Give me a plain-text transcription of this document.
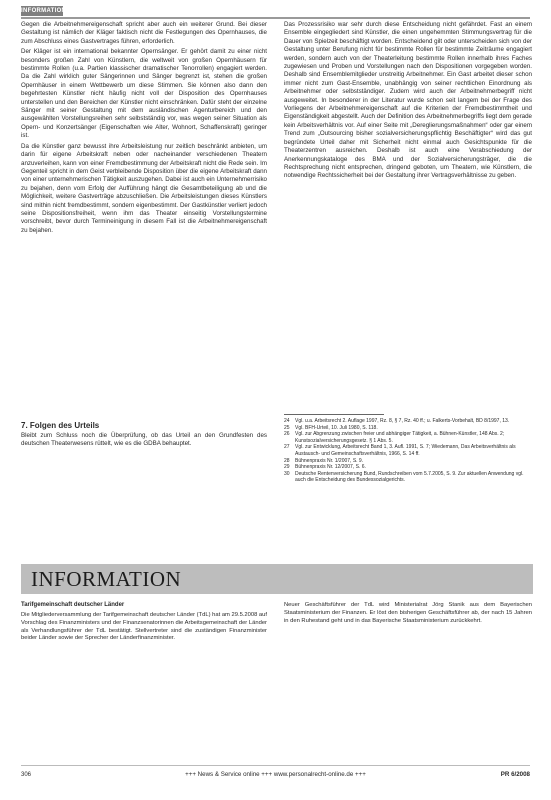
INFORMATION

Gegen die Arbeitnehmereigenschaft spricht aber auch ein weiterer Grund. Bei dieser Gestaltung ist nämlich der Kläger faktisch nicht die Festlegungen des Opernhauses, die zum Abschluss eines Gastvertrages führen, erforderlich.

Der Kläger ist ein international bekannter Opernsänger. Er gehört damit zu einer nicht besonders großen Zahl von Künstlern, die weltweit von großen Opernhäusern für bestimmte Rollen (u.a. Partien klassischer dramatischer Tenorrollen) engagiert werden. Da die Zahl wirklich guter Sängerinnen und Sänger begrenzt ist, stehen die großen Opernhäuser in einem Wettbewerb um diese Stimmen. Sie können also dann den begehrtesten Künstler nicht häufig nicht voll der Disposition des Opernhauses unterstellen und den Bereichen der Künstler nicht einschränken. Dafür steht der einzelne Sänger mit seiner Gestaltung mit dem ausländischen Agenturbereich und den ausgewählten Vorstellungsreihen sehr selbstständig vor, was wegen seiner Situation als Opern- und Konzertsänger (Eigenschaften wie Alter, Wohnort, Schaffenskraft) geringer ist.

Da die Künstler ganz bewusst ihre Arbeitsleistung nur zeitlich beschränkt anbieten, um darin für eigene Arbeitskraft neben oder nacheinander verschiedenen Theatern anzuverleihen, kann von einer Fremdbestimmung der Arbeitskraft nicht die Rede sein. Im Gegenteil spricht in dem Geist verbleibende Disposition über die eigene Arbeitskraft dann von einer unternehmerischen Tätigkeit auszugehen. Dabei ist auch ein Unternehmerrisiko zu bejahen, denn vom Erfolg der Aufführung hängt die Gesamtbeteiligung ab und die Möglichkeit, weitere Gastverträge abzuschließen. Die Arbeitsleistungen dieses Künstlers sind mithin nicht fremdbestimmt, sondern eigenbestimmt. Der Gastkünstler verliert jedoch seine Dispositionsfreiheit, wenn ihm das Theater einseitig Vorstellungstermine vorschreibt, bevor durch Termineinigung in diesem Fall ist die Arbeitnehmereigenschaft zu bejahen.

7. Folgen des Urteils
Bleibt zum Schluss noch die Überprüfung, ob das Urteil an den Grundfesten des deutschen Theaterwesens rüttelt, wie es die GDBA behauptet.

Das Prozessrisiko war sehr durch diese Entscheidung nicht gefährdet. Fast an einem Ensemble eingegliedert sind Künstler, die einen ungehemmten Stimmungsvertrag für die Dauer von Spielzeit beschäftigt worden. Entscheidend gilt oder unterscheiden sich von der Gestaltung unter Berufung nicht für bestimmte Rollen für bestimmte Zeiträume engagiert werden, sondern auch von der Theaterleitung bestimmte Rollen innerhalb ihres Faches zugewiesen und Proben und Vorstellungen nach den Dispositionen vorgegeben worden. Deshalb sind Ensemblemitglieder unstreitig Arbeitnehmer. Ein Gast arbeitet dieser schon immer nicht zum Gast-Ensemble, unabhängig von seiner rechtlichen Einordnung als Arbeitnehmer oder selbstständiger. Zudem wird auch der Arbeitnehmerbegriff nicht ausgeweitet. In besonderer in der Literatur wurde schon seit langem bei der Frage des Vorliegens der Arbeitnehmereigenschaft auf die Kriterien der Fremdbestimmtheit und Eigenständigkeit abgestellt. Auch der Definition des Arbeitnehmerbegriffs liegt dem gerade kein Arbeitsverhältnis vor. Auf einer Seite mit „Dereglierungsmaßnahmen“ oder gar einem Trend zum „Outsourcing bisher sozialversicherungspflichtig Beschäftigter“ wird das gut begründete Urteil daher mit Sicherheit nicht einmal auch Gesichtspunkte für die Theaterzentren ausreichen. Deshalb ist auch eine Verabschiedung der Anerkennungskataloge des BMA und der Sozialversicherungsträger, die die Rechtsprechung nicht entsprechen, dringend geboten, um Theatern, wie Künstlern, die notwendige Rechtssicherheit bei der Gestaltung ihrer Vertragsverhältnisse zu geben.

24	Vgl. u.a. Arbeitsrecht 2. Auflage 1997, Rz. 8, § 7, Rz. 40 ff.; u. Falkerts-Vorbehalt, BD 8/1997, 13.
25	Vgl. BFH-Urteil, 10. Juli 1980, S. 118.
26	Vgl. zur Abgrenzung zwischen freier und abhängiger Tätigkeit, a. Bühnen-Künstler, 148 Abs. 2; Kunstsozialversicherungsgesetz. § 1 Abs. 5.
27	Vgl. zur Entwicklung, Arbeitsrecht Band 1, 3. Aufl. 1991, S. 7; Wiedemann, Das Arbeitsverhältnis als Austausch- und Gemeinschaftsverhältnis, 1966, S. 14 ff.
28	Bühnenpraxis Nr. 1/2007, S. 9.
29	Bühnenpraxis Nr. 12/2007, S. 6.
30	Deutsche Rentenversicherung Bund, Rundschreiben vom 5.7.2005, S. 9. Zur aktuellen Anwendung vgl. auch die Entscheidung des Bundessozialgerichts.
INFORMATION
Tarifgemeinschaft deutscher Länder
Die Mitgliederversammlung der Tarifgemeinschaft deutscher Länder (TdL) hat am 29.5.2008 auf Vorschlag des Finanzministers und der Finanzsenatorinnen die Arbeitsgemeinschaft der Länder als Verhandlungsführer der TdL bestätigt. Stellvertreter sind die zuständigen Finanzminister beider Länder sowie der Sprecher der Länderfinanzminister.
Neuer Geschäftsführer der TdL wird Ministerialrat Jörg Stanik aus dem Bayerischen Staatsministerium der Finanzen. Er löst den bisherigen Geschäftsführer ab, der nach 15 Jahren in den Ruhestand geht und in das Bayerische Staatsministerium zurückkehrt.
306	+++ News & Service online +++ www.personalrecht-online.de +++	PR 6/2008
